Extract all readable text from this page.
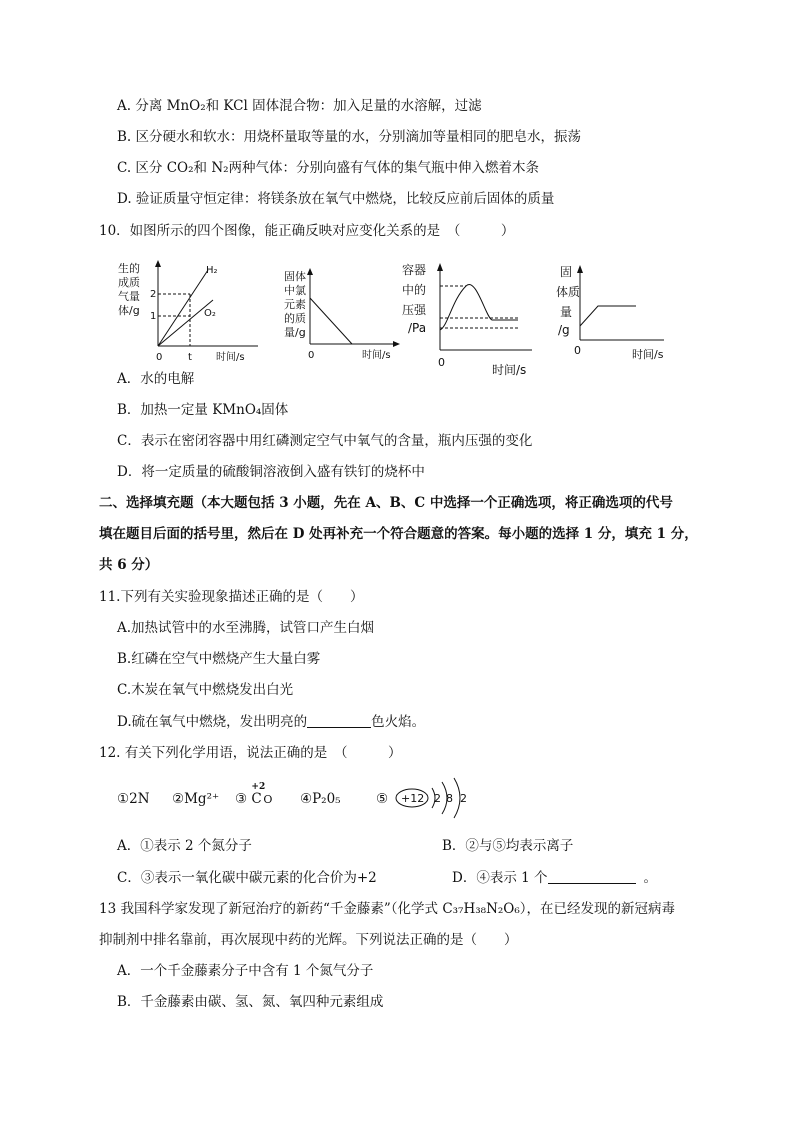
A. 分离 MnO₂和 KCl 固体混合物：加入足量的水溶解，过滤
B. 区分硬水和软水：用烧杯量取等量的水，分别滴加等量相同的肥皂水，振荡
C. 区分 CO₂和 N₂两种气体：分别向盛有气体的集气瓶中伸入燃着木条
D. 验证质量守恒定律：将镁条放在氧气中燃烧，比较反应前后固体的质量
10．如图所示的四个图像，能正确反映对应变化关系的是　（　　　）
生的
成质
气量
体/g
2
1
0	t 时间/s
H₂
O₂
固体
中氯
元素
的质
量/g
0	时间/s
容器
中的
压强
/Pa
0
时间/s
固
体质
量
/g
0	时间/s
A．水的电解
B．加热一定量 KMnO₄固体
C．表示在密闭容器中用红磷测定空气中氧气的含量，瓶内压强的变化
D．将一定质量的硫酸铜溶液倒入盛有铁钉的烧杯中
二、选择填充题（本大题包括 3 小题，先在 A、B、C 中选择一个正确选项，将正确选项的代号
填在题目后面的括号里，然后在 D 处再补充一个符合题意的答案。每小题的选择 1 分，填充 1 分，
共 6 分）
11.下列有关实验现象描述正确的是（　　）
A.加热试管中的水至沸腾，试管口产生白烟
B.红磷在空气中燃烧产生大量白雾
C.木炭在氧气中燃烧发出白光
D.硫在氧气中燃烧，发出明亮的	色火焰。
12. 有关下列化学用语，说法正确的是　（　　　）
①2N ②Mg²⁺ ③
+2
C O ④P₂0₅	⑤ +12 2 8 2
A．①表示 2 个氮分子	B．②与⑤均表示离子
C．③表示一氧化碳中碳元素的化合价为+2	D．④表示 1 个	。
13 我国科学家发现了新冠治疗的新药“千金藤素”（化学式 C₃₇H₃₈N₂O₆），在已经发现的新冠病毒
抑制剂中排名靠前，再次展现中药的光辉。下列说法正确的是（　　）
A．一个千金藤素分子中含有 1 个氮气分子
B．千金藤素由碳、氢、氮、氧四种元素组成
